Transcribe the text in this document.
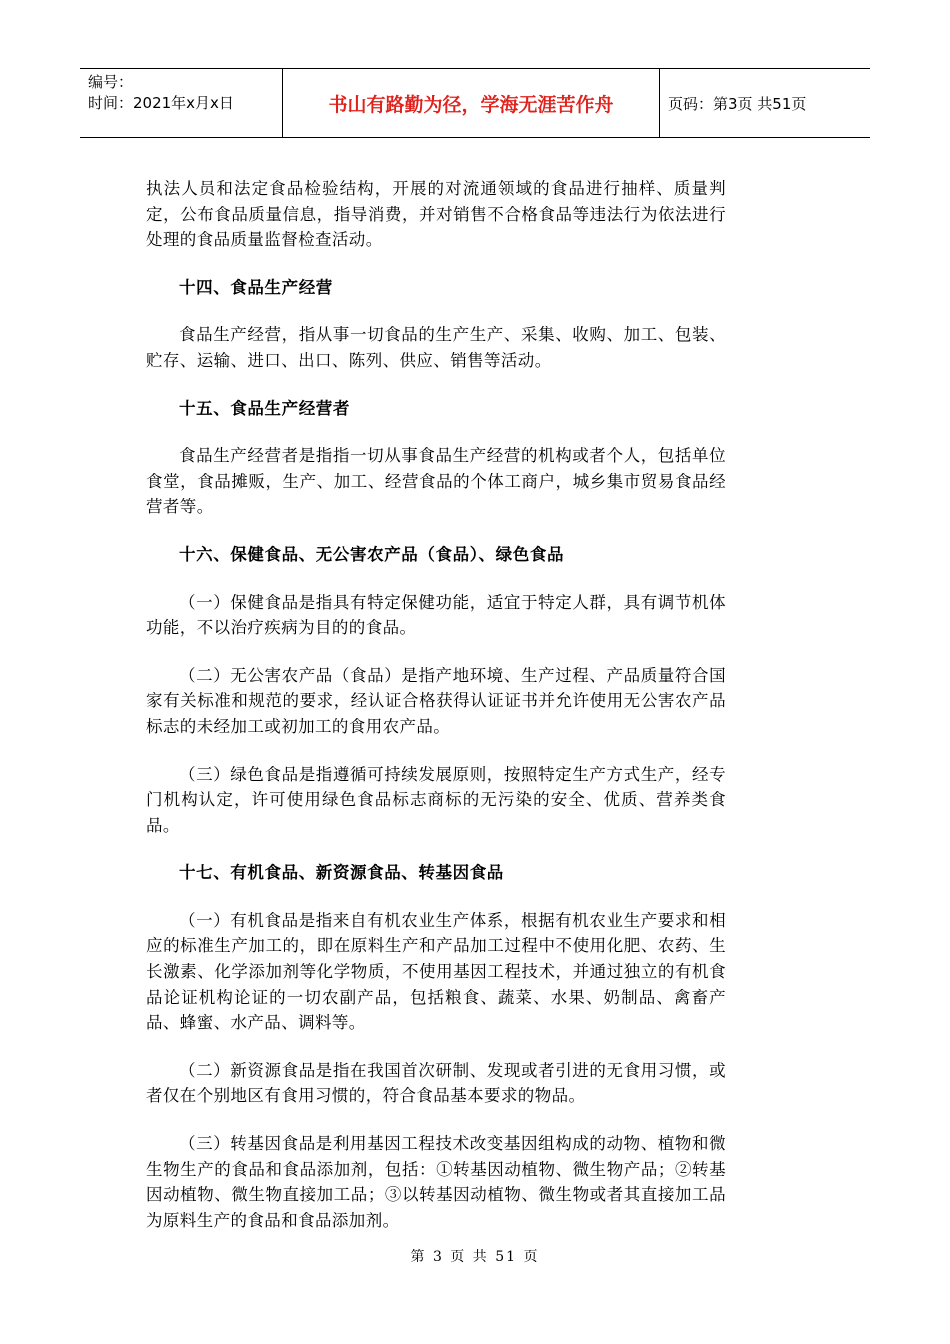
编号：
时间：2021年x月x日	书山有路勤为径，学海无涯苦作舟	页码：第3页 共51页

执法人员和法定食品检验结构，开展的对流通领域的食品进行抽样、质量判定，公布食品质量信息，指导消费，并对销售不合格食品等违法行为依法进行处理的食品质量监督检查活动。

十四、食品生产经营

食品生产经营，指从事一切食品的生产生产、采集、收购、加工、包装、贮存、运输、进口、出口、陈列、供应、销售等活动。

十五、食品生产经营者

食品生产经营者是指指一切从事食品生产经营的机构或者个人，包括单位食堂，食品摊贩，生产、加工、经营食品的个体工商户，城乡集市贸易食品经营者等。

十六、保健食品、无公害农产品（食品）、绿色食品

（一）保健食品是指具有特定保健功能，适宜于特定人群，具有调节机体功能，不以治疗疾病为目的的食品。

（二）无公害农产品（食品）是指产地环境、生产过程、产品质量符合国家有关标准和规范的要求，经认证合格获得认证证书并允许使用无公害农产品标志的未经加工或初加工的食用农产品。

（三）绿色食品是指遵循可持续发展原则，按照特定生产方式生产，经专门机构认定，许可使用绿色食品标志商标的无污染的安全、优质、营养类食品。

十七、有机食品、新资源食品、转基因食品

（一）有机食品是指来自有机农业生产体系，根据有机农业生产要求和相应的标准生产加工的，即在原料生产和产品加工过程中不使用化肥、农药、生长激素、化学添加剂等化学物质，不使用基因工程技术，并通过独立的有机食品论证机构论证的一切农副产品，包括粮食、蔬菜、水果、奶制品、禽畜产品、蜂蜜、水产品、调料等。

（二）新资源食品是指在我国首次研制、发现或者引进的无食用习惯，或者仅在个别地区有食用习惯的，符合食品基本要求的物品。

（三）转基因食品是利用基因工程技术改变基因组构成的动物、植物和微生物生产的食品和食品添加剂，包括：①转基因动植物、微生物产品；②转基因动植物、微生物直接加工品；③以转基因动植物、微生物或者其直接加工品为原料生产的食品和食品添加剂。

第 3 页 共 51 页
